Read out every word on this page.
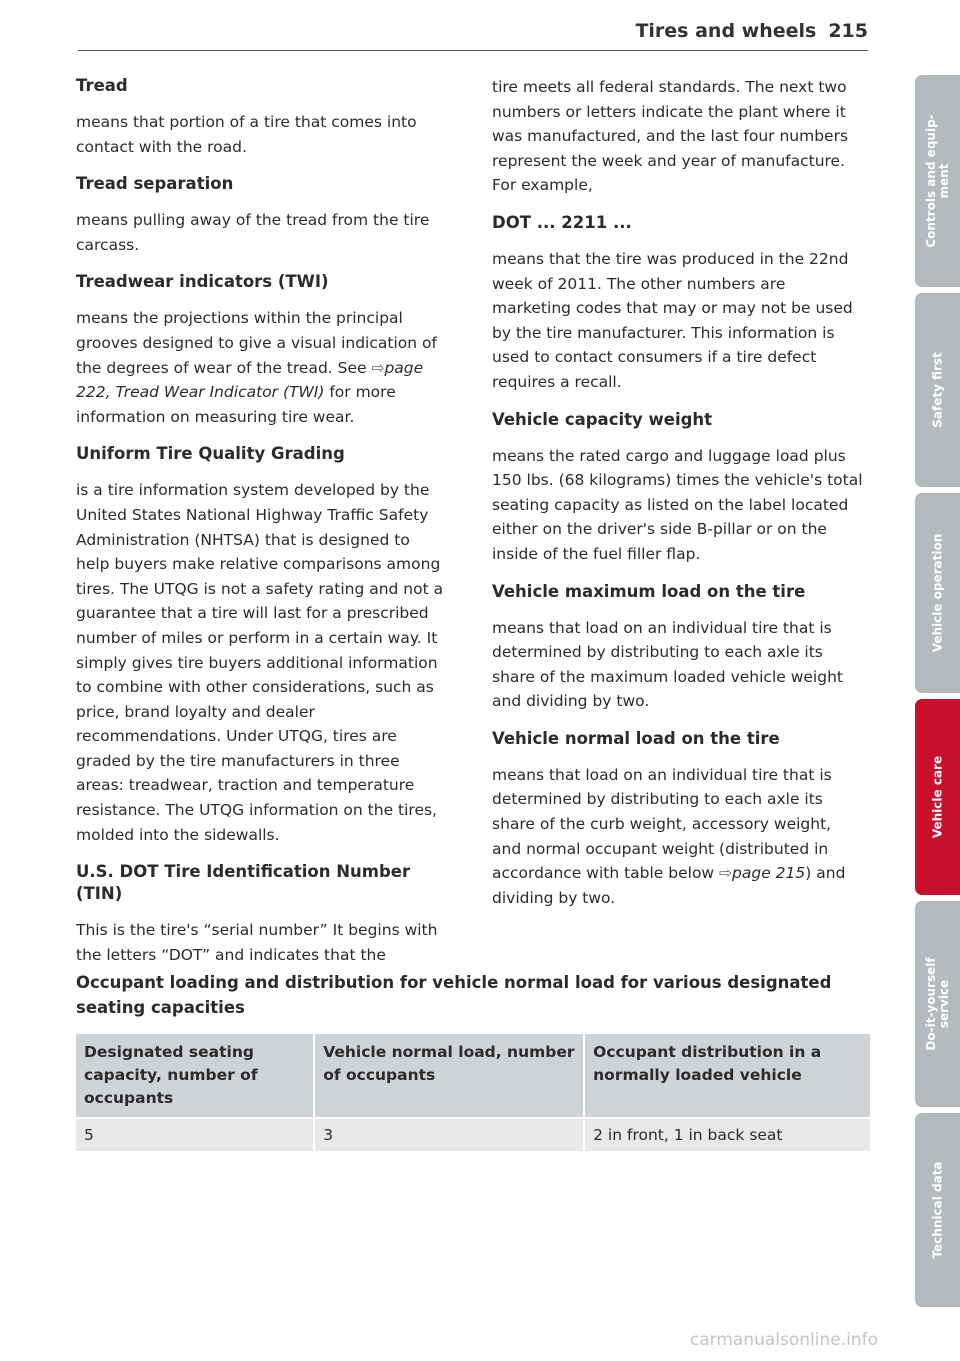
Tires and wheels 215
Tread

means that portion of a tire that comes into contact with the road.

Tread separation

means pulling away of the tread from the tire carcass.

Treadwear indicators (TWI)

means the projections within the principal grooves designed to give a visual indication of the degrees of wear of the tread. See ⇨page 222, Tread Wear Indicator (TWI) for more information on measuring tire wear.

Uniform Tire Quality Grading

is a tire information system developed by the United States National Highway Traffic Safety Administration (NHTSA) that is designed to help buyers make relative comparisons among tires. The UTQG is not a safety rating and not a guarantee that a tire will last for a prescribed number of miles or perform in a certain way. It simply gives tire buyers additional information to combine with other considerations, such as price, brand loyalty and dealer recommendations. Under UTQG, tires are graded by the tire manufacturers in three areas: treadwear, traction and temperature resistance. The UTQG information on the tires, molded into the sidewalls.

U.S. DOT Tire Identification Number (TIN)

This is the tire's “serial number” It begins with the letters “DOT” and indicates that the

tire meets all federal standards. The next two numbers or letters indicate the plant where it was manufactured, and the last four numbers represent the week and year of manufacture. For example,

DOT ... 2211 ...

means that the tire was produced in the 22nd week of 2011. The other numbers are marketing codes that may or may not be used by the tire manufacturer. This information is used to contact consumers if a tire defect requires a recall.

Vehicle capacity weight

means the rated cargo and luggage load plus 150 lbs. (68 kilograms) times the vehicle's total seating capacity as listed on the label located either on the driver's side B-pillar or on the inside of the fuel filler flap.

Vehicle maximum load on the tire

means that load on an individual tire that is determined by distributing to each axle its share of the maximum loaded vehicle weight and dividing by two.

Vehicle normal load on the tire

means that load on an individual tire that is determined by distributing to each axle its share of the curb weight, accessory weight, and normal occupant weight (distributed in accordance with table below ⇨page 215) and dividing by two.

Occupant loading and distribution for vehicle normal load for various designated seating capacities
Designated seating capacity, number of occupants	Vehicle normal load, number of occupants	Occupant distribution in a normally loaded vehicle
5	3	2 in front, 1 in back seat
Controls and equip-
ment
Safety first
Vehicle operation
Vehicle care
Do-it-yourself
service
Technical data
carmanualsonline.info
